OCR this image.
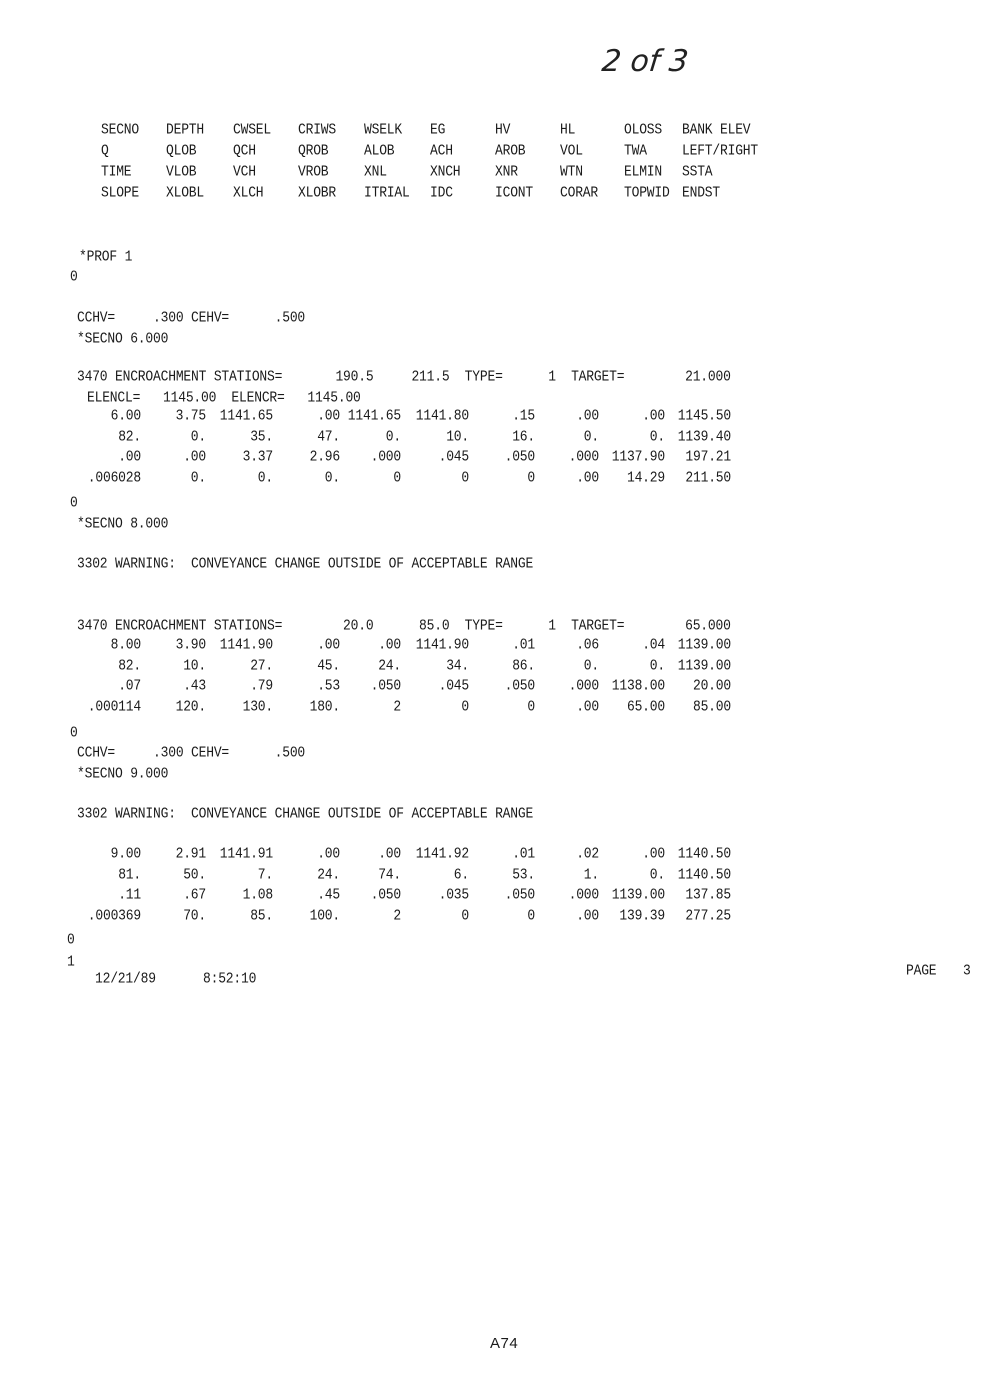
2 of 3
SECNO DEPTH CWSEL CRIWS WSELK EG	HV	HL	OLOSS BANK ELEV
Q	QLOB	QCH	QROB	ALOB	ACH	AROB	VOL	TWA	LEFT/RIGHT
TIME	VLOB	VCH	VROB	XNL	XNCH	XNR	WTN	ELMIN SSTA
SLOPE XLOBL XLCH	XLOBR ITRIAL IDC	ICONT CORAR TOPWID ENDST
*PROF 1
0
CCHV=     .300 CEHV=      .500
*SECNO 6.000
3470 ENCROACHMENT STATIONS=       190.5     211.5  TYPE=      1  TARGET=        21.000
ELENCL=   1145.00  ELENCR=   1145.00
6.00	3.75 1141.65	.00 1141.65 1141.80	.15	.00	.00 1145.50
82.	0.	35.	47.	0.	10.	16.	0.	0. 1139.40
.00	.00	3.37	2.96 .000	.045	.050	.000 1137.90 197.21
.006028	0.	0.	0.	0	0	0	.00 14.29 211.50
0
*SECNO 8.000
3302 WARNING:  CONVEYANCE CHANGE OUTSIDE OF ACCEPTABLE RANGE
3470 ENCROACHMENT STATIONS=        20.0      85.0  TYPE=      1  TARGET=        65.000
8.00	3.90 1141.90	.00	.00 1141.90	.01	.06	.04 1139.00
82.	10.	27.	45.	24.	34.	86.	0.	0. 1139.00
.07	.43	.79	.53 .050	.045	.050	.000 1138.00 20.00
.000114	120.	130.	180.	2	0	0	.00 65.00 85.00
0
CCHV=     .300 CEHV=      .500
*SECNO 9.000
3302 WARNING:  CONVEYANCE CHANGE OUTSIDE OF ACCEPTABLE RANGE
9.00	2.91 1141.91	.00	.00 1141.92	.01	.02	.00 1140.50
81.	50.	7.	24.	74.	6.	53.	1.	0. 1140.50
.11	.67	1.08	.45 .050	.035	.050	.000 1139.00 137.85
.000369	70.	85.	100.	2	0	0	.00 139.39 277.25
0
1
12/21/89	8:52:10	PAGE 3
A74
